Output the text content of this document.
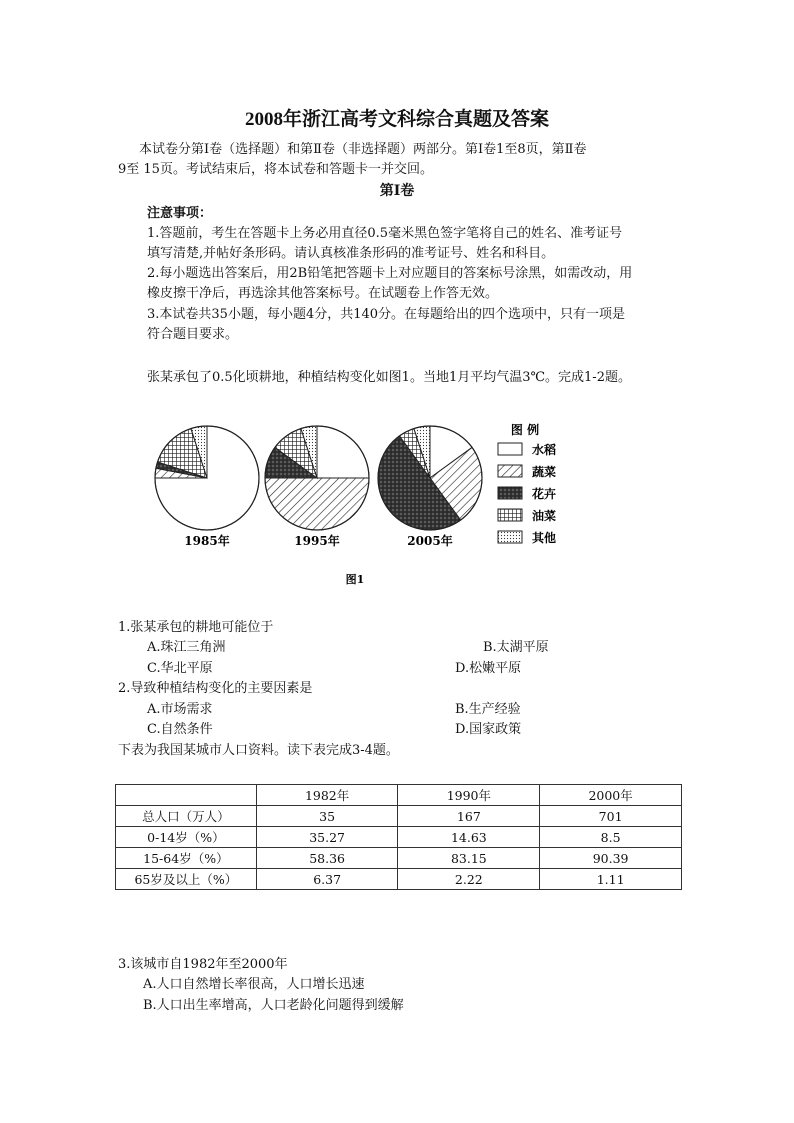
2008年浙江高考文科综合真题及答案
本试卷分第Ⅰ卷（选择题）和第Ⅱ卷（非选择题）两部分。第Ⅰ卷1至8页，第Ⅱ卷
9至 15页。考试结束后，将本试卷和答题卡一并交回。
第Ⅰ卷
注意事项：
1.答题前，考生在答题卡上务必用直径0.5毫米黑色签字笔将自己的姓名、准考证号
填写清楚,并帖好条形码。请认真核准条形码的准考证号、姓名和科目。
2.每小题选出答案后，用2B铅笔把答题卡上对应题目的答案标号涂黑，如需改动，用
橡皮擦干净后，再选涂其他答案标号。在试题卷上作答无效。
3.本试卷共35小题，每小题4分，共140分。在每题给出的四个选项中，只有一项是
符合题目要求。
张某承包了0.5化顷耕地，种植结构变化如图1。当地1月平均气温3℃。完成1-2题。
1985年	1995年	2005年
图 例
水稻
蔬菜
花卉
油菜
其他
图1
1.张某承包的耕地可能位于
A.珠江三角洲	B.太湖平原
C.华北平原	D.松嫩平原
2.导致种植结构变化的主要因素是
A.市场需求	B.生产经验
C.自然条件	D.国家政策
下表为我国某城市人口资料。读下表完成3-4题。
	1982年	1990年	2000年
总人口（万人）	35	167	701
0-14岁（%）	35.27	14.63	8.5
15-64岁（%）	58.36	83.15	90.39
65岁及以上（%）	6.37	2.22	1.11
3.该城市自1982年至2000年
A.人口自然增长率很高，人口增长迅速
B.人口出生率增高，人口老龄化问题得到缓解
